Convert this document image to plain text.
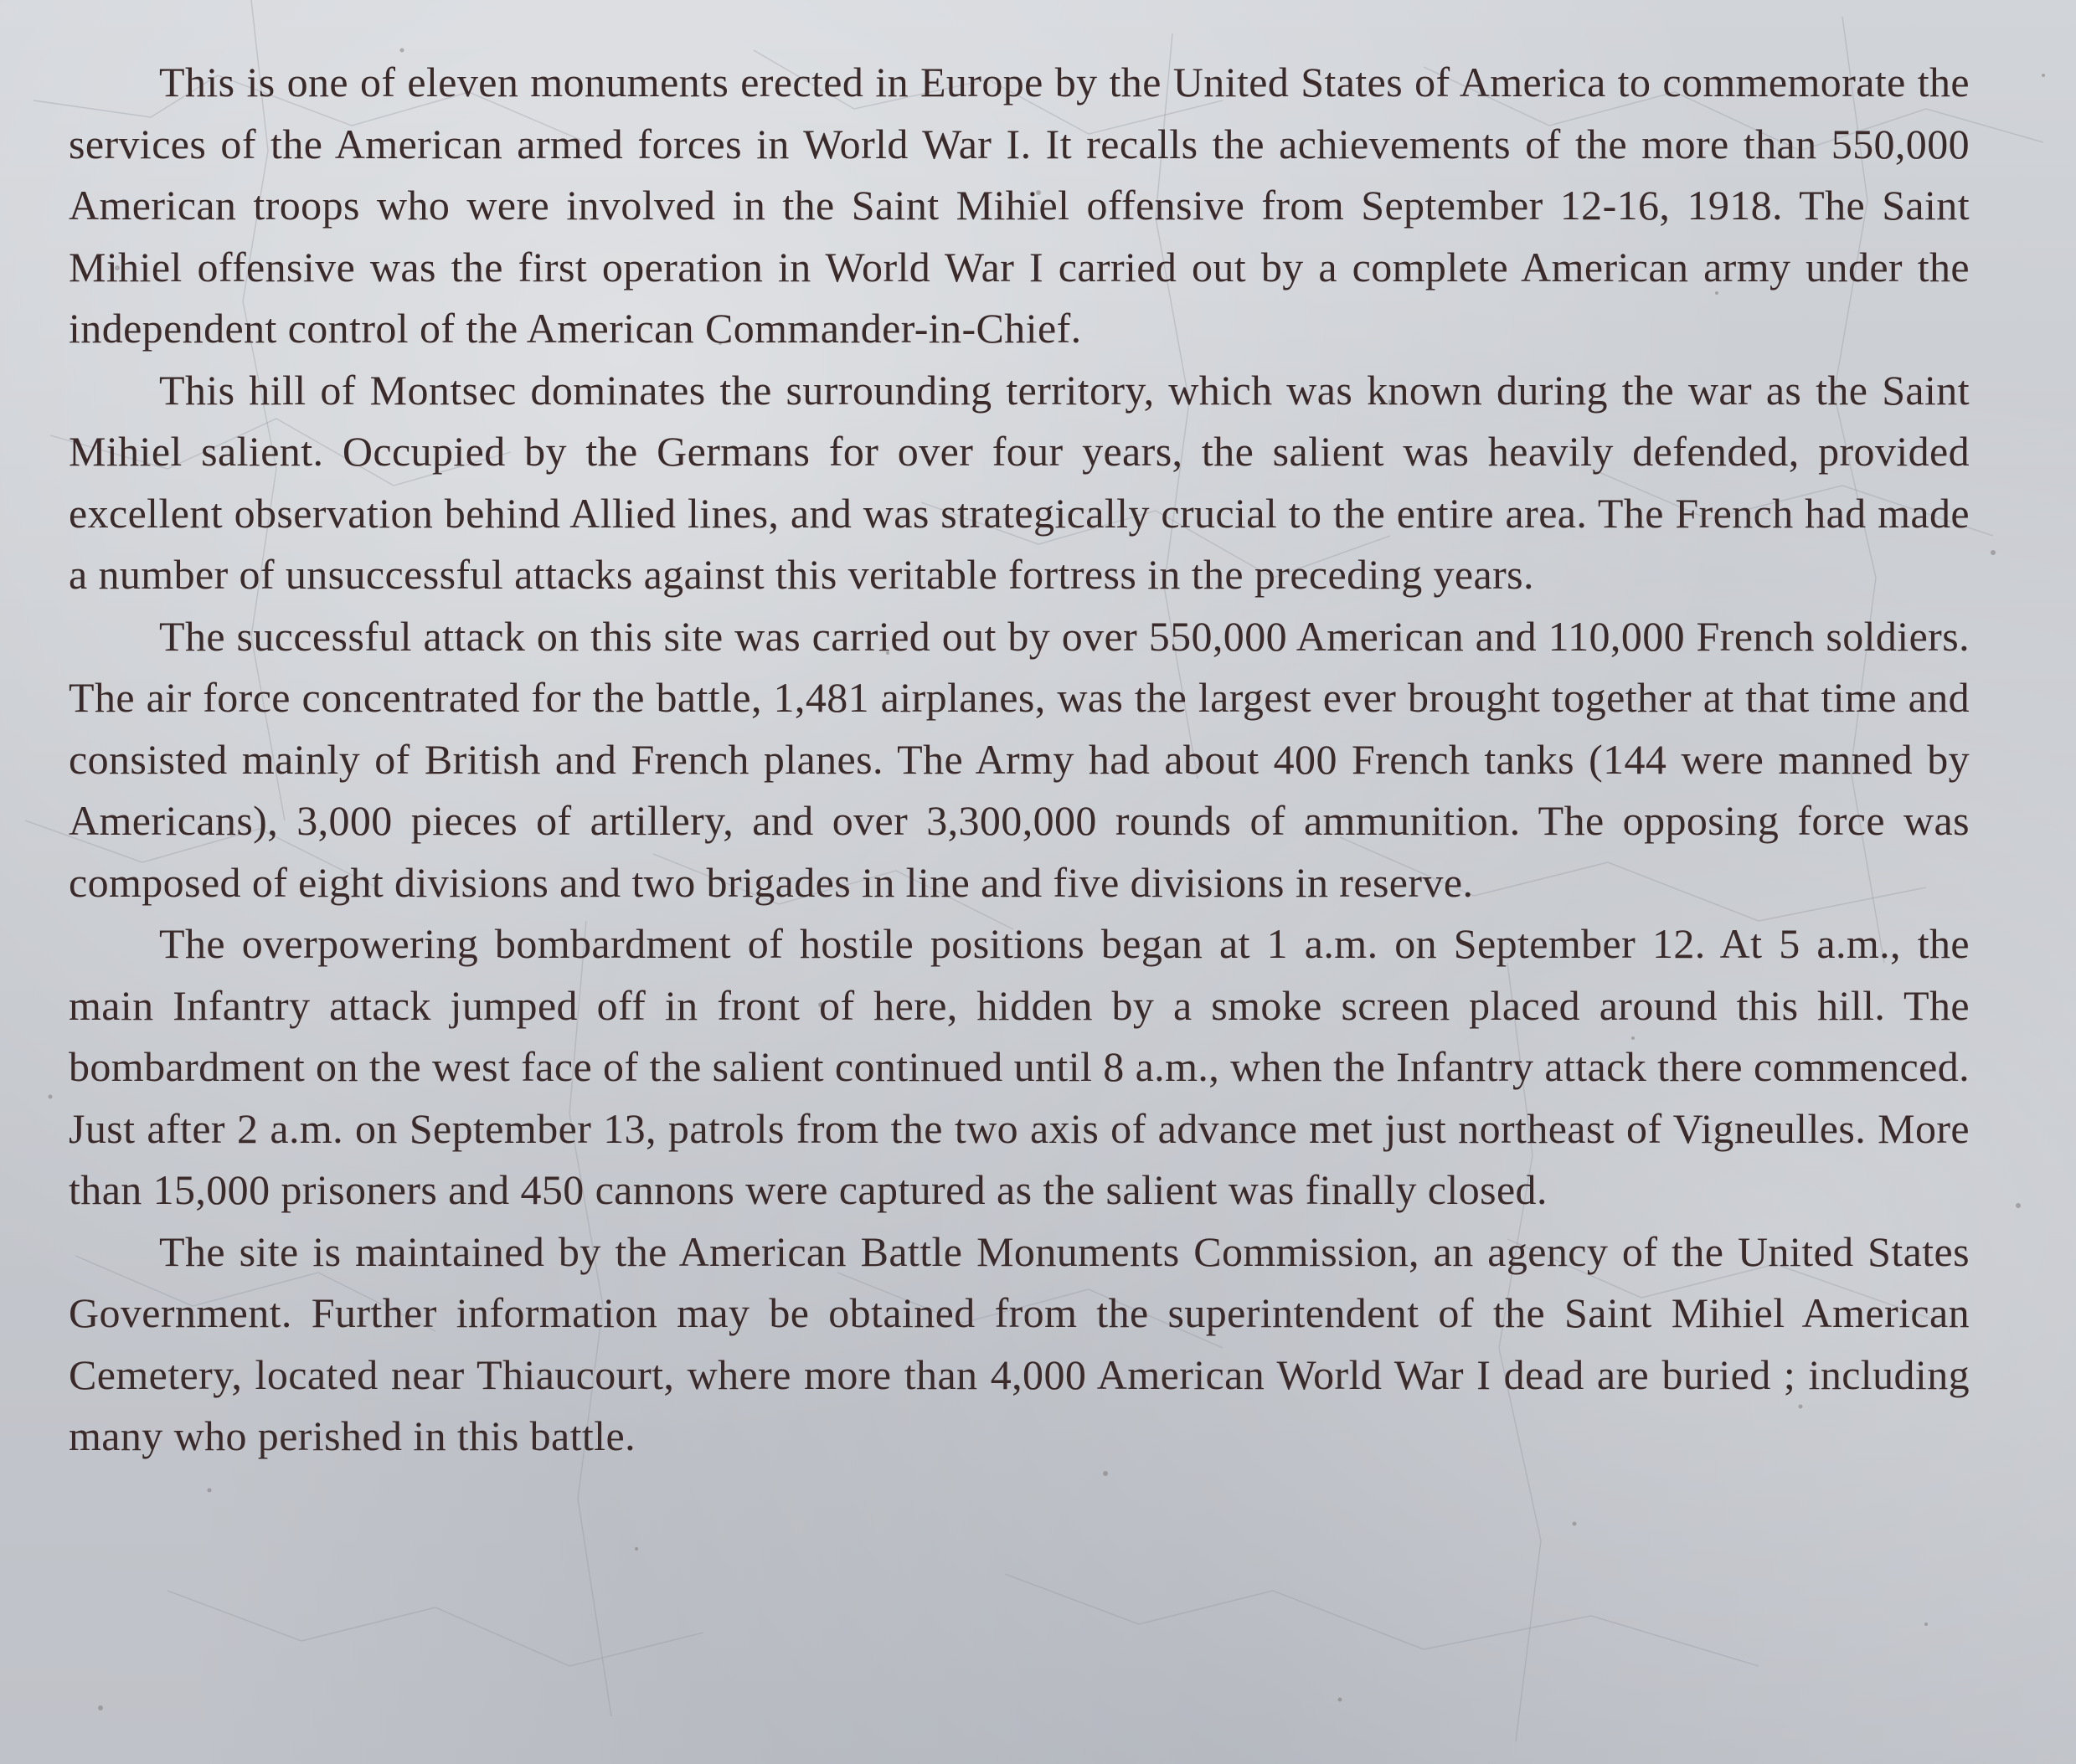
This is one of eleven monuments erected in Europe by the United States of America to commemorate the services of the American armed forces in World War I. It recalls the achievements of the more than 550,000 American troops who were involved in the Saint Mihiel offensive from September 12-16, 1918. The Saint Mihiel offensive was the first operation in World War I carried out by a complete American army under the independent control of the American Commander-in-Chief.

This hill of Montsec dominates the surrounding territory, which was known during the war as the Saint Mihiel salient. Occupied by the Germans for over four years, the salient was heavily defended, provided excellent observation behind Allied lines, and was strategically crucial to the entire area. The French had made a number of unsuccessful attacks against this veritable fortress in the preceding years.

The successful attack on this site was carried out by over 550,000 American and 110,000 French soldiers. The air force concentrated for the battle, 1,481 airplanes, was the largest ever brought together at that time and consisted mainly of British and French planes. The Army had about 400 French tanks (144 were manned by Americans), 3,000 pieces of artillery, and over 3,300,000 rounds of ammunition. The opposing force was composed of eight divisions and two brigades in line and five divisions in reserve.

The overpowering bombardment of hostile positions began at 1 a.m. on September 12. At 5 a.m., the main Infantry attack jumped off in front of here, hidden by a smoke screen placed around this hill. The bombardment on the west face of the salient continued until 8 a.m., when the Infantry attack there commenced. Just after 2 a.m. on September 13, patrols from the two axis of advance met just northeast of Vigneulles. More than 15,000 prisoners and 450 cannons were captured as the salient was finally closed.

The site is maintained by the American Battle Monuments Commission, an agency of the United States Government. Further information may be obtained from the superintendent of the Saint Mihiel American Cemetery, located near Thiaucourt, where more than 4,000 American World War I dead are buried ; including many who perished in this battle.
